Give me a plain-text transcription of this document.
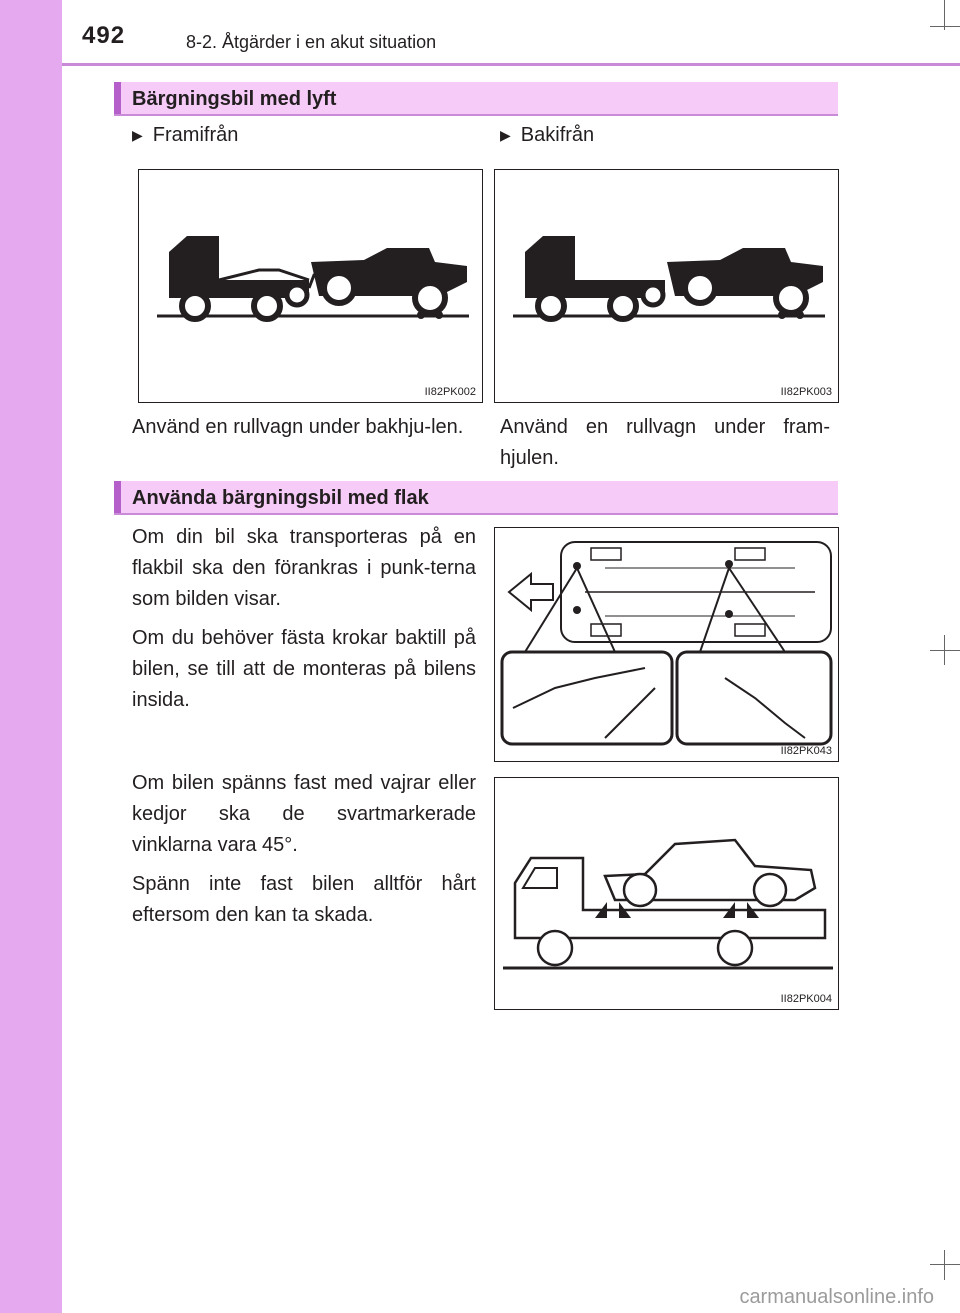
492	8-2. Åtgärder i en akut situation
Bärgningsbil med lyft
▶ Framifrån	▶ Bakifrån
II82PK002	II82PK003
Använd en rullvagn under bakhju-len. Använd en rullvagn under fram-hjulen.
Använda bärgningsbil med flak

Om din bil ska transporteras på en flakbil ska den förankras i punk-terna som bilden visar.

Om du behöver fästa krokar baktill på bilen, se till att de monteras på bilens insida.

II82PK043

Om bilen spänns fast med vajrar eller kedjor ska de svartmarkerade vinklarna vara 45°.

Spänn inte fast bilen alltför hårt eftersom den kan ta skada.

II82PK004
carmanualsonline.info
